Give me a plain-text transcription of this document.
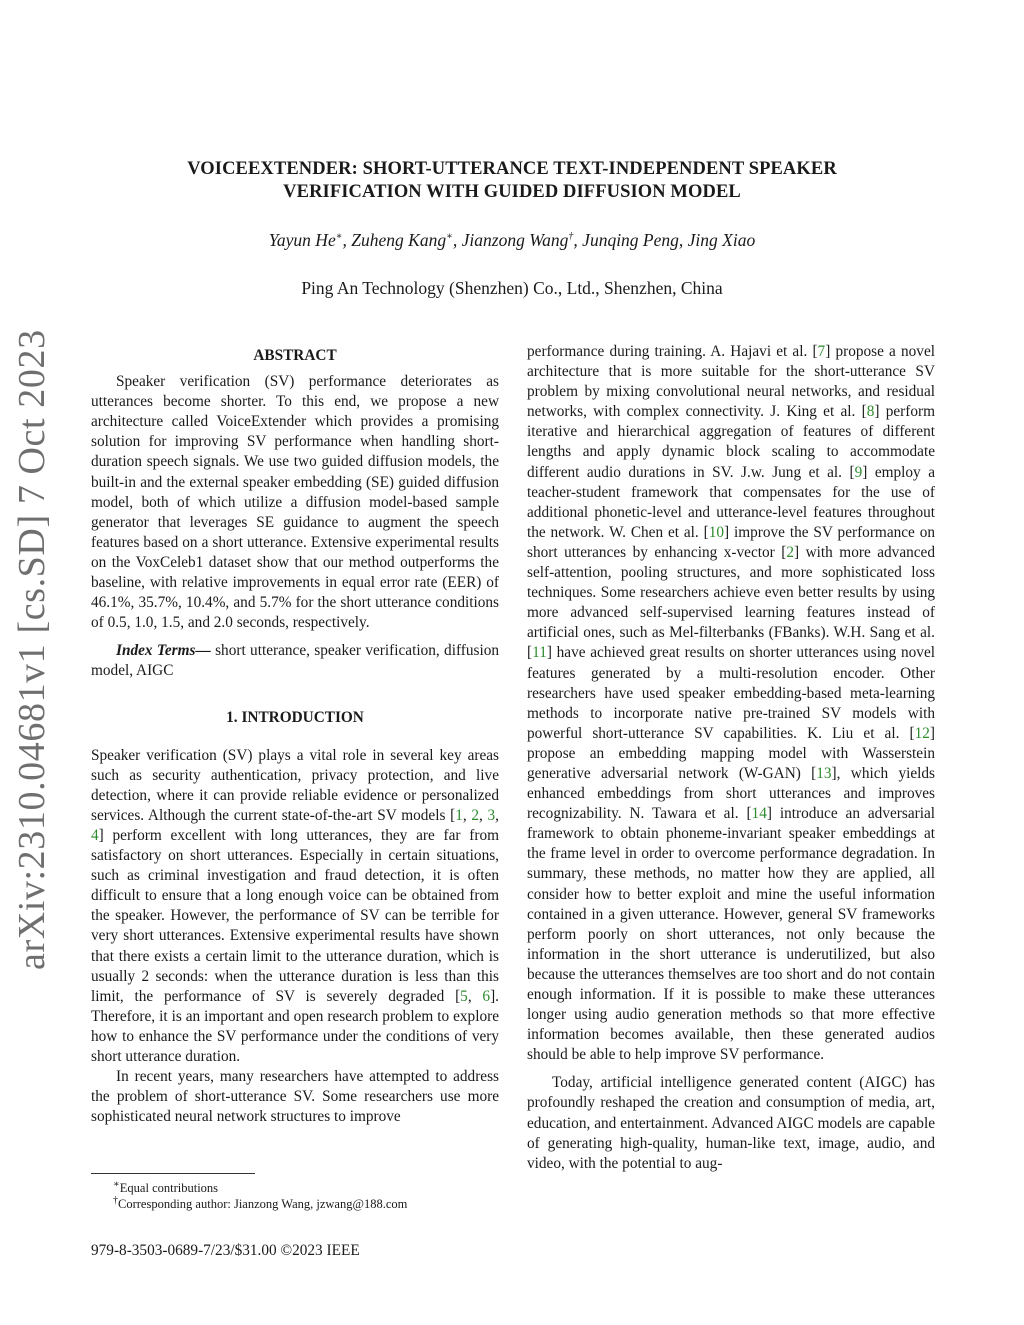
VOICEEXTENDER: SHORT-UTTERANCE TEXT-INDEPENDENT SPEAKER VERIFICATION WITH GUIDED DIFFUSION MODEL
Yayun He∗, Zuheng Kang∗, Jianzong Wang†, Junqing Peng, Jing Xiao
Ping An Technology (Shenzhen) Co., Ltd., Shenzhen, China
arXiv:2310.04681v1 [cs.SD] 7 Oct 2023	ABSTRACT

Speaker verification (SV) performance deteriorates as utterances become shorter. To this end, we propose a new architecture called VoiceExtender which provides a promising solution for improving SV performance when handling short-duration speech signals. We use two guided diffusion models, the built-in and the external speaker embedding (SE) guided diffusion model, both of which utilize a diffusion model-based sample generator that leverages SE guidance to augment the speech features based on a short utterance. Extensive experimental results on the VoxCeleb1 dataset show that our method outperforms the baseline, with relative improvements in equal error rate (EER) of 46.1%, 35.7%, 10.4%, and 5.7% for the short utterance conditions of 0.5, 1.0, 1.5, and 2.0 seconds, respectively.

Index Terms— short utterance, speaker verification, diffusion model, AIGC

1. INTRODUCTION

Speaker verification (SV) plays a vital role in several key areas such as security authentication, privacy protection, and live detection, where it can provide reliable evidence or personalized services. Although the current state-of-the-art SV models [1, 2, 3, 4] perform excellent with long utterances, they are far from satisfactory on short utterances. Especially in certain situations, such as criminal investigation and fraud detection, it is often difficult to ensure that a long enough voice can be obtained from the speaker. However, the performance of SV can be terrible for very short utterances. Extensive experimental results have shown that there exists a certain limit to the utterance duration, which is usually 2 seconds: when the utterance duration is less than this limit, the performance of SV is severely degraded [5, 6]. Therefore, it is an important and open research problem to explore how to enhance the SV performance under the conditions of very short utterance duration.

In recent years, many researchers have attempted to address the problem of short-utterance SV. Some researchers use more sophisticated neural network structures to improve

performance during training. A. Hajavi et al. [7] propose a novel architecture that is more suitable for the short-utterance SV problem by mixing convolutional neural networks, and residual networks, with complex connectivity. J. King et al. [8] perform iterative and hierarchical aggregation of features of different lengths and apply dynamic block scaling to accommodate different audio durations in SV. J.w. Jung et al. [9] employ a teacher-student framework that compensates for the use of additional phonetic-level and utterance-level features throughout the network. W. Chen et al. [10] improve the SV performance on short utterances by enhancing x-vector [2] with more advanced self-attention, pooling structures, and more sophisticated loss techniques. Some researchers achieve even better results by using more advanced self-supervised learning features instead of artificial ones, such as Mel-filterbanks (FBanks). W.H. Sang et al. [11] have achieved great results on shorter utterances using novel features generated by a multi-resolution encoder. Other researchers have used speaker embedding-based meta-learning methods to incorporate native pre-trained SV models with powerful short-utterance SV capabilities. K. Liu et al. [12] propose an embedding mapping model with Wasserstein generative adversarial network (W-GAN) [13], which yields enhanced embeddings from short utterances and improves recognizability. N. Tawara et al. [14] introduce an adversarial framework to obtain phoneme-invariant speaker embeddings at the frame level in order to overcome performance degradation. In summary, these methods, no matter how they are applied, all consider how to better exploit and mine the useful information contained in a given utterance. However, general SV frameworks perform poorly on short utterances, not only because the information in the short utterance is underutilized, but also because the utterances themselves are too short and do not contain enough information. If it is possible to make these utterances longer using audio generation methods so that more effective information becomes available, then these generated audios should be able to help improve SV performance.

Today, artificial intelligence generated content (AIGC) has profoundly reshaped the creation and consumption of media, art, education, and entertainment. Advanced AIGC models are capable of generating high-quality, human-like text, image, audio, and video, with the potential to aug-

∗Equal contributions
†Corresponding author: Jianzong Wang, jzwang@188.com
979-8-3503-0689-7/23/$31.00 ©2023 IEEE
